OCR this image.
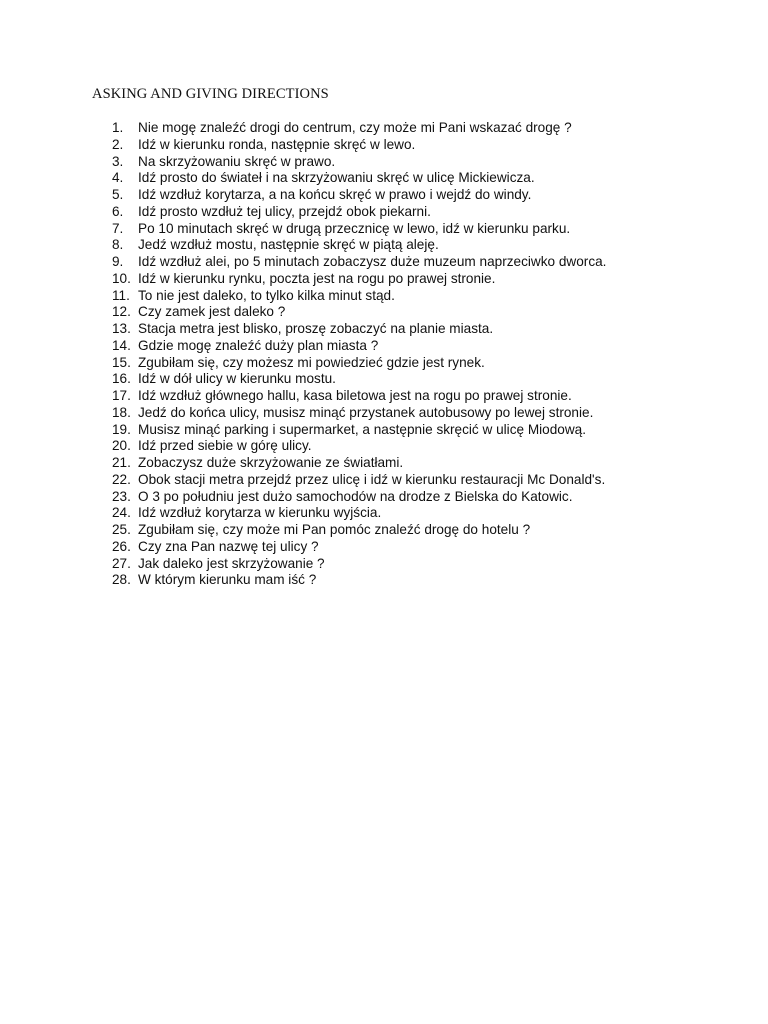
ASKING AND GIVING DIRECTIONS
1.	Nie mogę znaleźć drogi do centrum, czy może mi Pani wskazać drogę ?
2.	Idź w kierunku ronda, następnie skręć w lewo.
3.	Na skrzyżowaniu skręć w prawo.
4.	Idź prosto do świateł i na skrzyżowaniu skręć w ulicę Mickiewicza.
5.	Idź wzdłuż korytarza, a na końcu skręć w prawo i wejdź do windy.
6.	Idź prosto wzdłuż tej ulicy, przejdź obok piekarni.
7.	Po 10 minutach skręć w drugą przecznicę w lewo, idź w kierunku parku.
8.	Jedź wzdłuż mostu, następnie skręć w piątą aleję.
9.	Idź wzdłuż alei, po 5 minutach zobaczysz duże muzeum naprzeciwko dworca.
10. Idź w kierunku rynku, poczta jest na rogu po prawej stronie.
11. To nie jest daleko, to tylko kilka minut stąd.
12. Czy zamek jest daleko ?
13. Stacja metra jest blisko, proszę zobaczyć na planie miasta.
14. Gdzie mogę znaleźć duży plan miasta ?
15. Zgubiłam się, czy możesz mi powiedzieć gdzie jest rynek.
16. Idź w dół ulicy w kierunku mostu.
17. Idź wzdłuż głównego hallu, kasa biletowa jest na rogu po prawej stronie.
18. Jedź do końca ulicy, musisz minąć przystanek autobusowy po lewej stronie.
19. Musisz minąć parking i supermarket, a następnie skręcić w ulicę Miodową.
20. Idź przed siebie w górę ulicy.
21. Zobaczysz duże skrzyżowanie ze światłami.
22. Obok stacji metra przejdź przez ulicę i idź w kierunku restauracji Mc Donald's.
23. O 3 po południu jest dużo samochodów na drodze z Bielska do Katowic.
24. Idź wzdłuż korytarza w kierunku wyjścia.
25. Zgubiłam się, czy może mi Pan pomóc znaleźć drogę do hotelu ?
26. Czy zna Pan nazwę tej ulicy ?
27. Jak daleko jest skrzyżowanie ?
28. W którym kierunku mam iść ?
